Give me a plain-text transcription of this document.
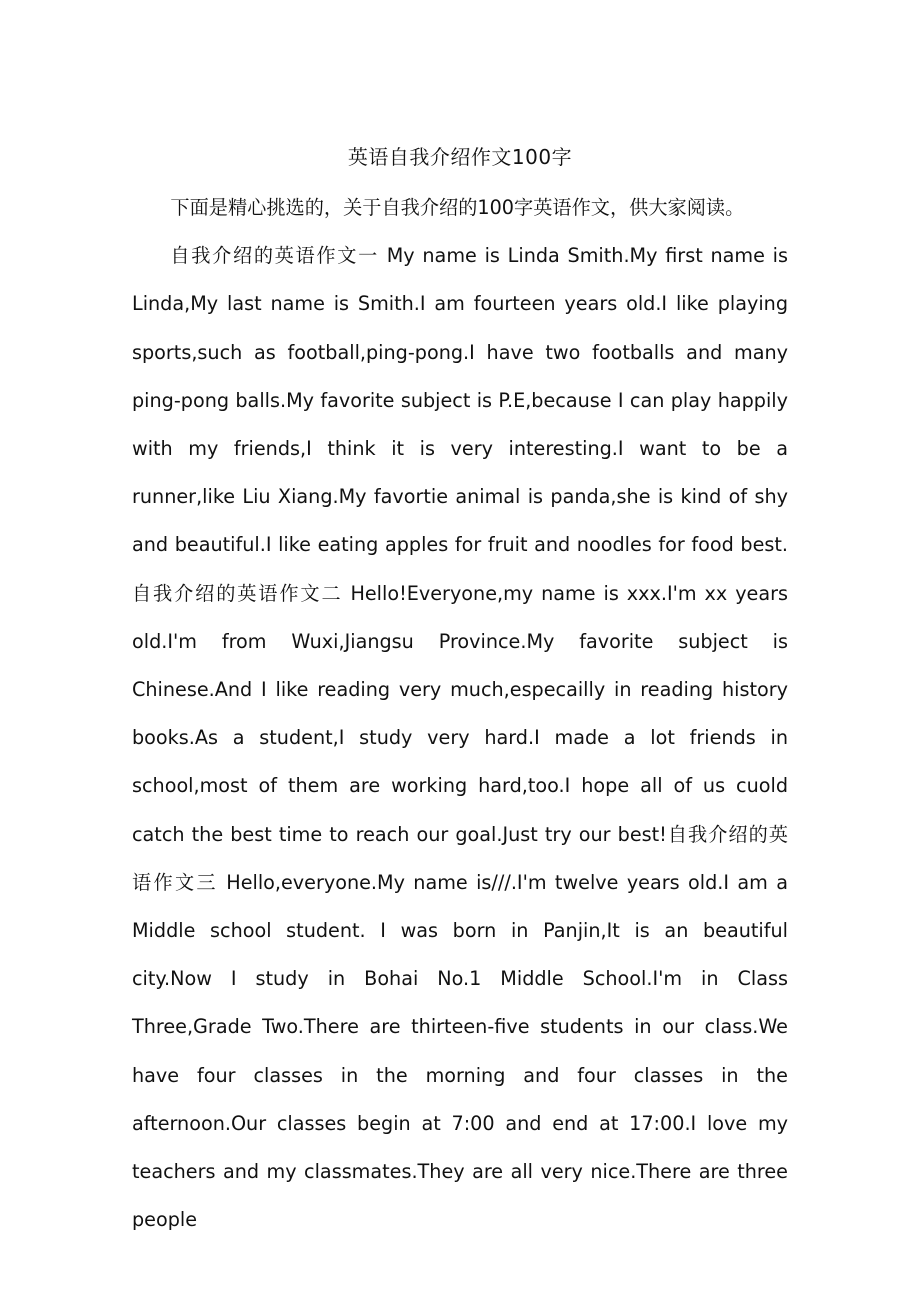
英语自我介绍作文100字

下面是精心挑选的，关于自我介绍的100字英语作文，供大家阅读。

自我介绍的英语作文一 My name is Linda Smith.My first name is Linda,My last name is Smith.I am fourteen years old.I like playing sports,such as football,ping-pong.I have two footballs and many ping-pong balls.My favorite subject is P.E,because I can play happily with my friends,I think it is very interesting.I want to be a runner,like Liu Xiang.My favortie animal is panda,she is kind of shy and beautiful.I like eating apples for fruit and noodles for food best.自我介绍的英语作文二 Hello!Everyone,my name is xxx.I'm xx years old.I'm from Wuxi,Jiangsu Province.My favorite subject is Chinese.And I like reading very much,especailly in reading history books.As a student,I study very hard.I made a lot friends in school,most of them are working hard,too.I hope all of us cuold catch the best time to reach our goal.Just try our best!自我介绍的英语作文三 Hello,everyone.My name is///.I'm twelve years old.I am a Middle school student. I was born in Panjin,It is an beautiful city.Now I study in Bohai No.1 Middle School.I'm in Class Three,Grade Two.There are thirteen-five students in our class.We have four classes in the morning and four classes in the afternoon.Our classes begin at 7:00 and end at 17:00.I love my teachers and my classmates.They are all very nice.There are three people
